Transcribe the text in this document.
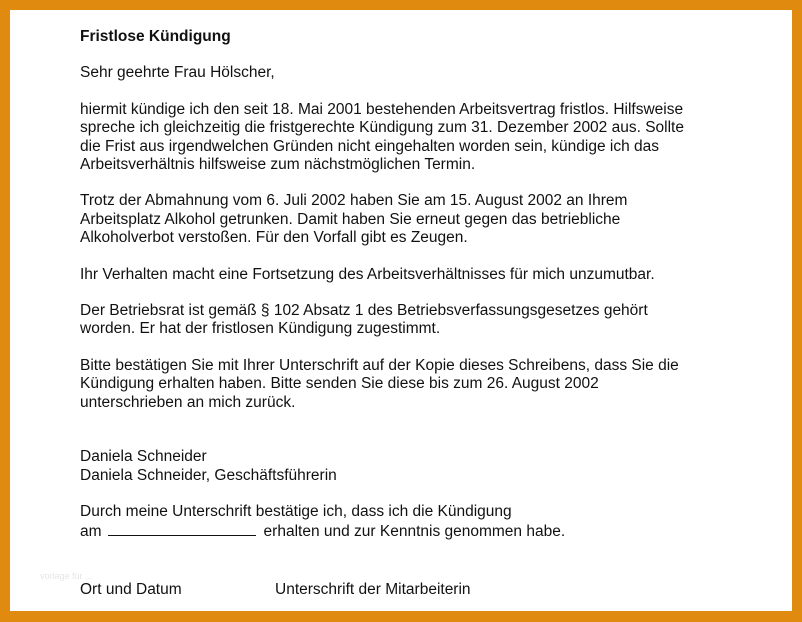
Fristlose Kündigung

Sehr geehrte Frau Hölscher,

hiermit kündige ich den seit 18. Mai 2001 bestehenden Arbeitsvertrag fristlos. Hilfsweise
spreche ich gleichzeitig die fristgerechte Kündigung zum 31. Dezember 2002 aus. Sollte
die Frist aus irgendwelchen Gründen nicht eingehalten worden sein, kündige ich das
Arbeitsverhältnis hilfsweise zum nächstmöglichen Termin.

Trotz der Abmahnung vom 6. Juli 2002 haben Sie am 15. August 2002 an Ihrem
Arbeitsplatz Alkohol getrunken. Damit haben Sie erneut gegen das betriebliche
Alkoholverbot verstoßen. Für den Vorfall gibt es Zeugen.

Ihr Verhalten macht eine Fortsetzung des Arbeitsverhältnisses für mich unzumutbar.

Der Betriebsrat ist gemäß § 102 Absatz 1 des Betriebsverfassungsgesetzes gehört
worden. Er hat der fristlosen Kündigung zugestimmt.

Bitte bestätigen Sie mit Ihrer Unterschrift auf der Kopie dieses Schreibens, dass Sie die
Kündigung erhalten haben. Bitte senden Sie diese bis zum 26. August 2002
unterschrieben an mich zurück.

Daniela Schneider
Daniela Schneider, Geschäftsführerin

Durch meine Unterschrift bestätige ich, dass ich die Kündigung
am	erhalten und zur Kenntnis genommen habe.

vorlage für ...
Ort und Datum	Unterschrift der Mitarbeiterin
